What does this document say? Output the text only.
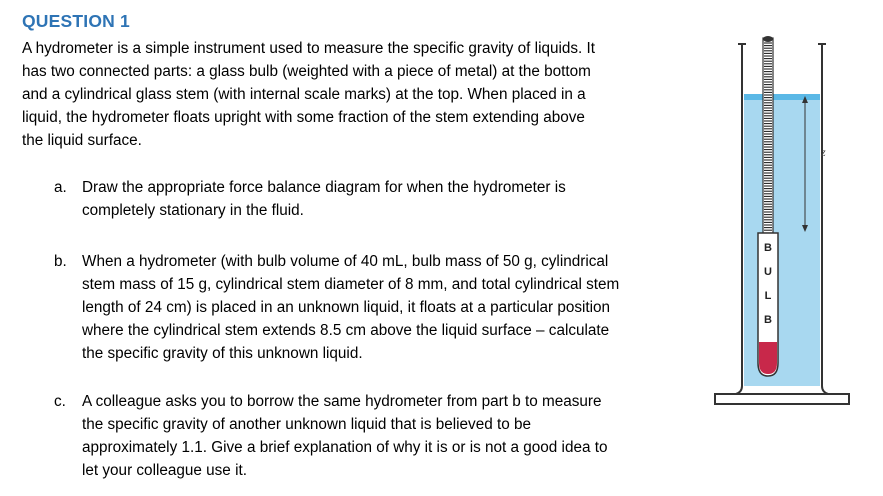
QUESTION 1
A hydrometer is a simple instrument used to measure the specific gravity of liquids. It
has two connected parts: a glass bulb (weighted with a piece of metal) at the bottom
and a cylindrical glass stem (with internal scale marks) at the top. When placed in a
liquid, the hydrometer floats upright with some fraction of the stem extending above
the liquid surface.
a. Draw the appropriate force balance diagram for when the hydrometer is
completely stationary in the fluid.
b. When a hydrometer (with bulb volume of 40 mL, bulb mass of 50 g, cylindrical
stem mass of 15 g, cylindrical stem diameter of 8 mm, and total cylindrical stem
length of 24 cm) is placed in an unknown liquid, it floats at a particular position
where the cylindrical stem extends 8.5 cm above the liquid surface – calculate
the specific gravity of this unknown liquid.
c. A colleague asks you to borrow the same hydrometer from part b to measure
the specific gravity of another unknown liquid that is believed to be
approximately 1.1. Give a brief explanation of why it is or is not a good idea to
let your colleague use it.
B
U
L
B
z
